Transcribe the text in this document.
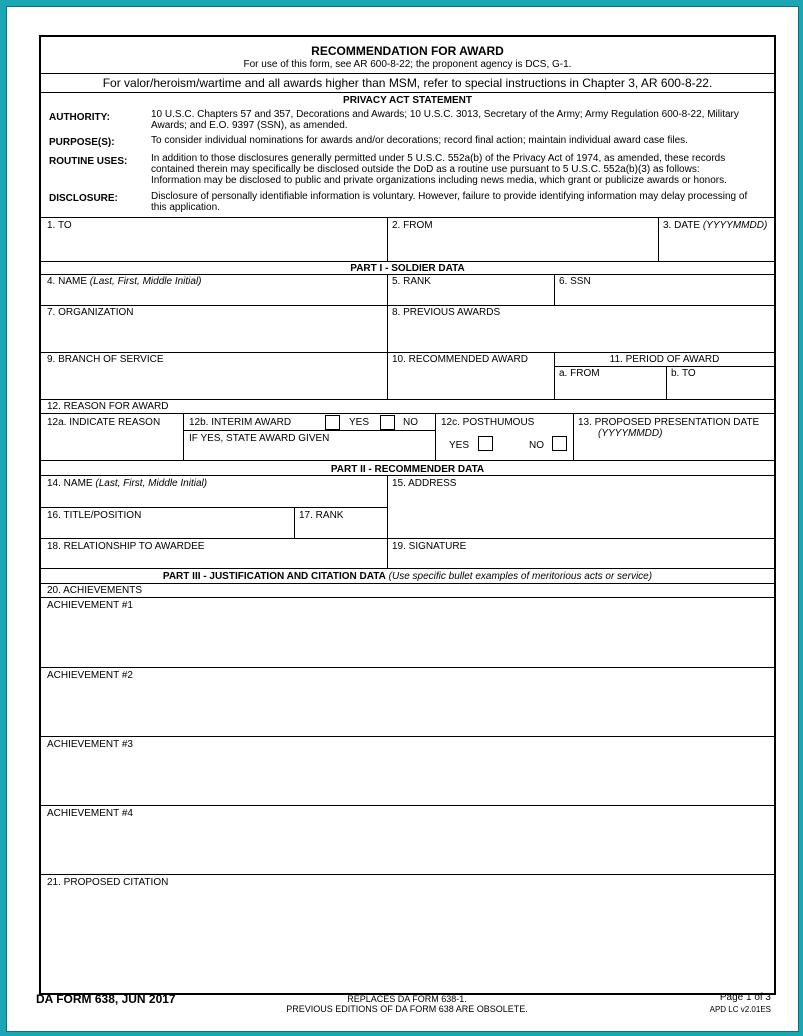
RECOMMENDATION FOR AWARD
For use of this form, see AR 600-8-22; the proponent agency is DCS, G-1.
For valor/heroism/wartime and all awards higher than MSM, refer to special instructions in Chapter 3, AR 600-8-22.
PRIVACY ACT STATEMENT
AUTHORITY:	10 U.S.C. Chapters 57 and 357, Decorations and Awards; 10 U.S.C. 3013, Secretary of the Army; Army Regulation 600-8-22, Military
Awards; and E.O. 9397 (SSN), as amended.
PURPOSE(S):	To consider individual nominations for awards and/or decorations; record final action; maintain individual award case files.
ROUTINE USES: In addition to those disclosures generally permitted under 5 U.S.C. 552a(b) of the Privacy Act of 1974, as amended, these records
contained therein may specifically be disclosed outside the DoD as a routine use pursuant to 5 U.S.C. 552a(b)(3) as follows:
Information may be disclosed to public and private organizations including news media, which grant or publicize awards or honors.
DISCLOSURE:	Disclosure of personally identifiable information is voluntary. However, failure to provide identifying information may delay processing of
this application.
1. TO	2. FROM	3. DATE (YYYYMMDD)
PART I - SOLDIER DATA
4. NAME (Last, First, Middle Initial)	5. RANK	6. SSN
7. ORGANIZATION	8. PREVIOUS AWARDS
9. BRANCH OF SERVICE	10. RECOMMENDED AWARD	11. PERIOD OF AWARD
a. FROM	b. TO
12. REASON FOR AWARD
12a. INDICATE REASON	12b. INTERIM AWARD	YES	NO
IF YES, STATE AWARD GIVEN
12c. POSTHUMOUS
YES	NO
13. PROPOSED PRESENTATION DATE
(YYYYMMDD)
PART II - RECOMMENDER DATA
14. NAME (Last, First, Middle Initial)	15. ADDRESS
16. TITLE/POSITION	17. RANK
18. RELATIONSHIP TO AWARDEE	19. SIGNATURE
PART III - JUSTIFICATION AND CITATION DATA (Use specific bullet examples of meritorious acts or service)
20. ACHIEVEMENTS
ACHIEVEMENT #1
ACHIEVEMENT #2
ACHIEVEMENT #3
ACHIEVEMENT #4
21. PROPOSED CITATION
DA FORM 638, JUN 2017	REPLACES DA FORM 638-1.
PREVIOUS EDITIONS OF DA FORM 638 ARE OBSOLETE.
Page 1 of 3
APD LC v2.01ES
